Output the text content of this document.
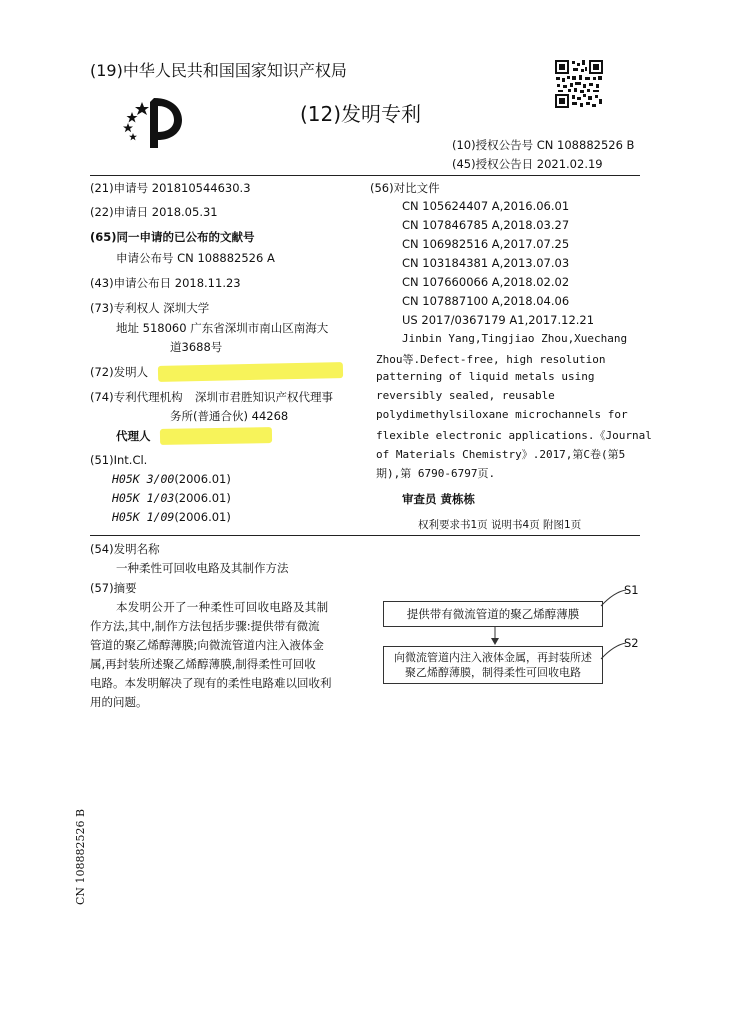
(19)中华人民共和国国家知识产权局
(12)发明专利
(10)授权公告号 CN 108882526 B
(45)授权公告日 2021.02.19
(21)申请号 201810544630.3
(22)申请日 2018.05.31
(65)同一申请的已公布的文献号
申请公布号 CN 108882526 A
(43)申请公布日 2018.11.23
(73)专利权人 深圳大学
地址 518060 广东省深圳市南山区南海大
道3688号
(72)发明人
(74)专利代理机构 深圳市君胜知识产权代理事
务所(普通合伙) 44268
代理人
(51)Int.Cl.
H05K 3/00(2006.01)
H05K 1/03(2006.01)
H05K 1/09(2006.01)
(56)对比文件
CN 105624407 A,2016.06.01
CN 107846785 A,2018.03.27
CN 106982516 A,2017.07.25
CN 103184381 A,2013.07.03
CN 107660066 A,2018.02.02
CN 107887100 A,2018.04.06
US 2017/0367179 A1,2017.12.21
Jinbin Yang,Tingjiao Zhou,Xuechang
Zhou等.Defect-free, high resolution
patterning of liquid metals using
reversibly sealed, reusable
polydimethylsiloxane microchannels for
flexible electronic applications.《Journal
of Materials Chemistry》.2017,第C卷(第5
期),第 6790-6797页.
审查员 黄栋栋
权利要求书1页 说明书4页 附图1页
(54)发明名称
一种柔性可回收电路及其制作方法
(57)摘要
本发明公开了一种柔性可回收电路及其制
作方法,其中,制作方法包括步骤:提供带有微流
管道的聚乙烯醇薄膜;向微流管道内注入液体金
属,再封装所述聚乙烯醇薄膜,制得柔性可回收
电路。本发明解决了现有的柔性电路难以回收利
用的问题。
提供带有微流管道的聚乙烯醇薄膜
S1
向微流管道内注入液体金属，再封装所述
聚乙烯醇薄膜，制得柔性可回收电路
S2
CN 108882526 B
